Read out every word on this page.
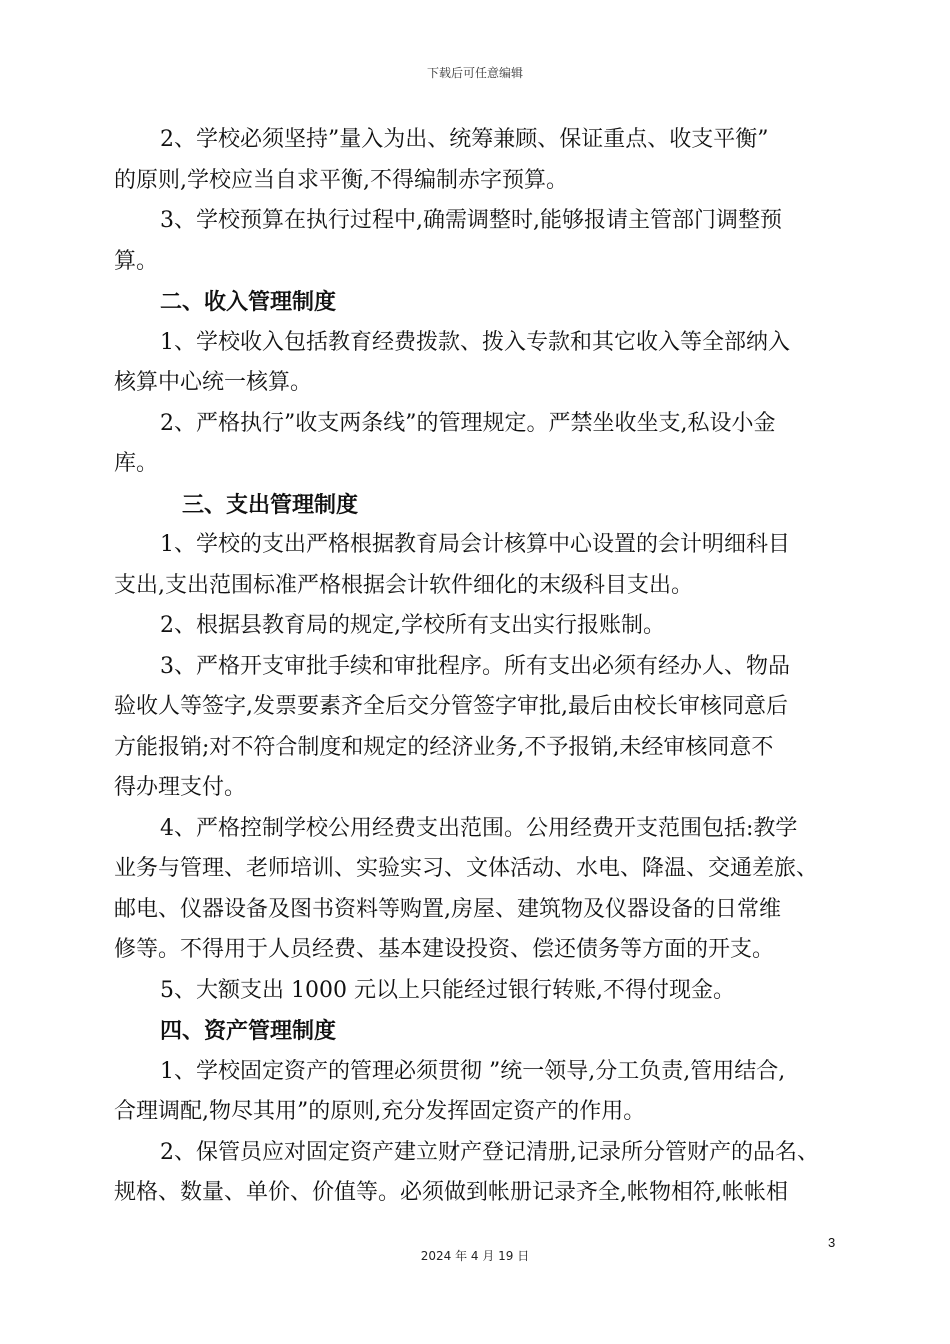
下载后可任意编辑
2、学校必须坚持”量入为出、统筹兼顾、保证重点、收支平衡”
的原则,学校应当自求平衡,不得编制赤字预算。
3、学校预算在执行过程中,确需调整时,能够报请主管部门调整预
算。
二、收入管理制度
1、学校收入包括教育经费拨款、拨入专款和其它收入等全部纳入
核算中心统一核算。
2、严格执行”收支两条线”的管理规定。严禁坐收坐支,私设小金
库。
三、支出管理制度
1、学校的支出严格根据教育局会计核算中心设置的会计明细科目
支出,支出范围标准严格根据会计软件细化的末级科目支出。
2、根据县教育局的规定,学校所有支出实行报账制。
3、严格开支审批手续和审批程序。所有支出必须有经办人、物品
验收人等签字,发票要素齐全后交分管签字审批,最后由校长审核同意后
方能报销;对不符合制度和规定的经济业务,不予报销,未经审核同意不
得办理支付。
4、严格控制学校公用经费支出范围。公用经费开支范围包括:教学
业务与管理、老师培训、实验实习、文体活动、水电、降温、交通差旅、
邮电、仪器设备及图书资料等购置,房屋、建筑物及仪器设备的日常维
修等。不得用于人员经费、基本建设投资、偿还债务等方面的开支。
5、大额支出 1000 元以上只能经过银行转账,不得付现金。
四、资产管理制度
1、学校固定资产的管理必须贯彻 ”统一领导,分工负责,管用结合,
合理调配,物尽其用”的原则,充分发挥固定资产的作用。
2、保管员应对固定资产建立财产登记清册,记录所分管财产的品名、
规格、数量、单价、价值等。必须做到帐册记录齐全,帐物相符,帐帐相
3
2024 年 4 月 19 日
